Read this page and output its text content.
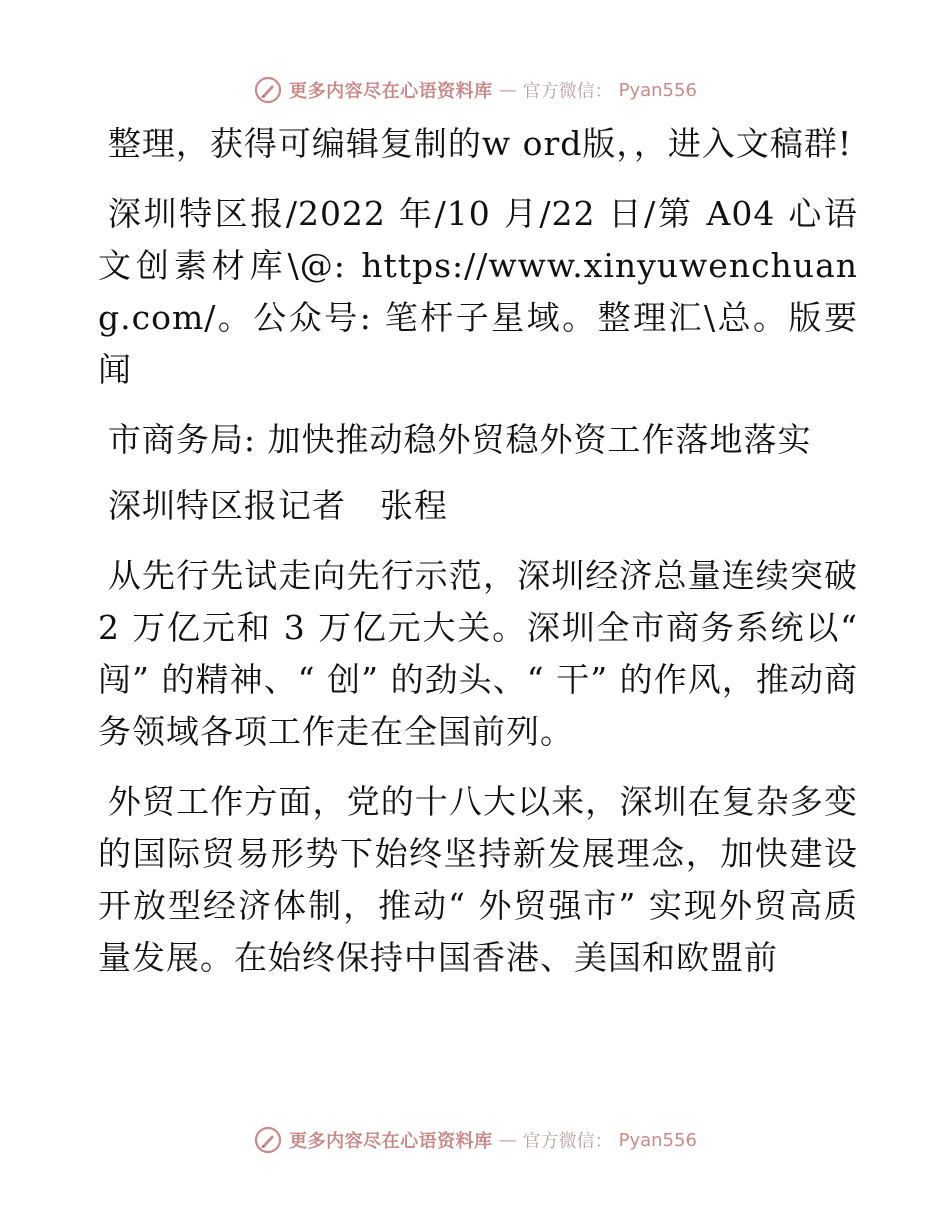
更多内容尽在心语资料库 — 官方微信： Pyan556

整理，获得可编辑复制的w ord版，，进入文稿群!

深圳特区报/2022 年/10 月/22 日/第 A04 心语文创素材库\@: https://www.xinyuwenchuang.com/。公众号: 笔杆子星域。整理汇\总。版要闻

市商务局: 加快推动稳外贸稳外资工作落地落实

深圳特区报记者　张程

从先行先试走向先行示范，深圳经济总量连续突破 2 万亿元和 3 万亿元大关。深圳全市商务系统以“ 闯” 的精神、“ 创” 的劲头、“ 干” 的作风，推动商务领域各项工作走在全国前列。

外贸工作方面，党的十八大以来，深圳在复杂多变的国际贸易形势下始终坚持新发展理念，加快建设开放型经济体制，推动“ 外贸强市” 实现外贸高质量发展。在始终保持中国香港、美国和欧盟前

更多内容尽在心语资料库 — 官方微信： Pyan556
